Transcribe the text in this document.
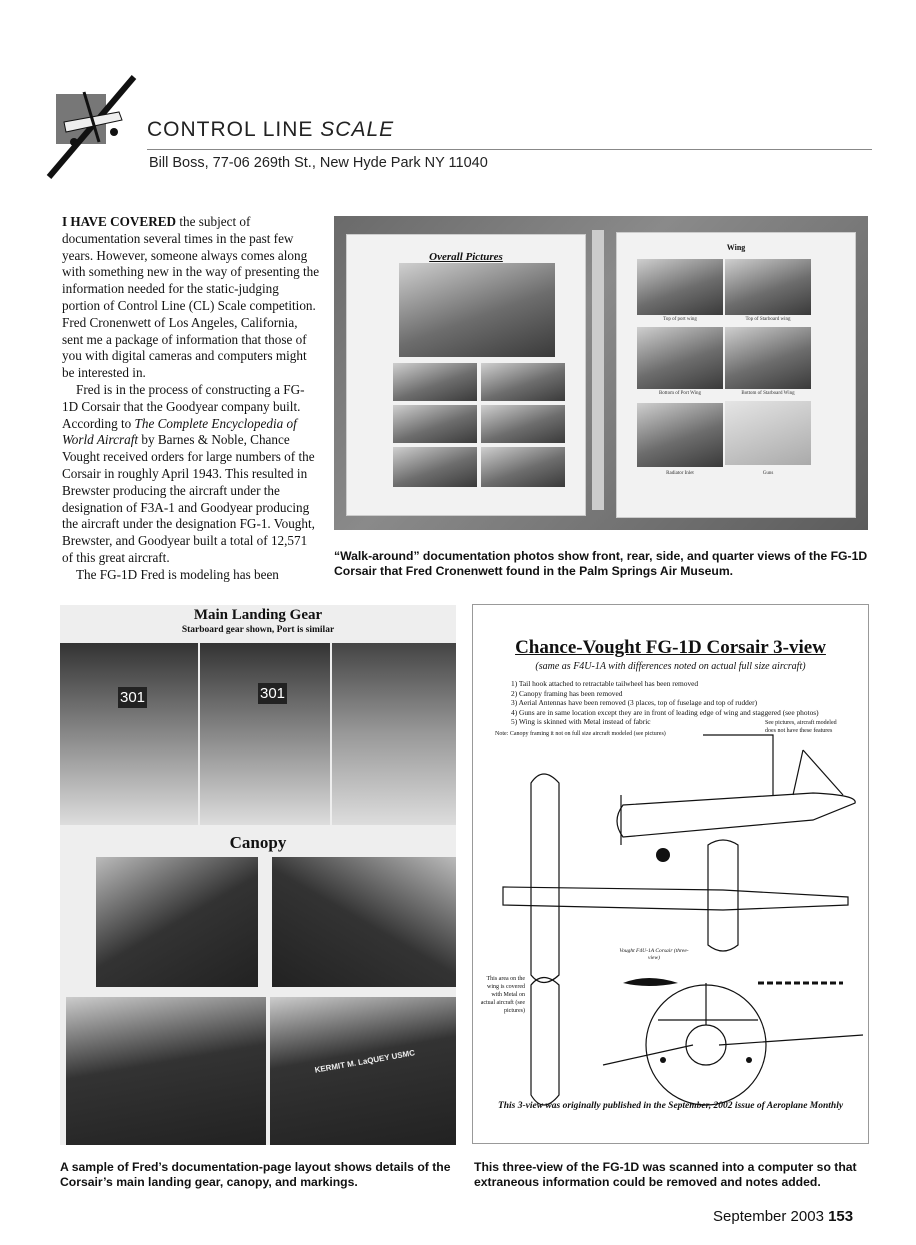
CONTROL LINE SCALE
Bill Boss, 77-06 269th St., New Hyde Park NY 11040

I HAVE COVERED the subject of documentation several times in the past few years. However, someone always comes along with something new in the way of presenting the information needed for the static-judging portion of Control Line (CL) Scale competition. Fred Cronenwett of Los Angeles, California, sent me a package of information that those of you with digital cameras and computers might be interested in.

Fred is in the process of constructing a FG-1D Corsair that the Goodyear company built. According to The Complete Encyclopedia of World Aircraft by Barnes & Noble, Chance Vought received orders for large numbers of the Corsair in roughly April 1943. This resulted in Brewster producing the aircraft under the designation of F3A-1 and Goodyear producing the aircraft under the designation FG-1. Vought, Brewster, and Goodyear built a total of 12,571 of this great aircraft.

The FG-1D Fred is modeling has been

Overall Pictures
Wing
Top of port wing	Top of Starboard wing
Bottom of Port Wing	Bottom of Starboard Wing
Radiator Inlet	Guns
“Walk-around” documentation photos show front, rear, side, and quarter views of the FG-1D Corsair that Fred Cronenwett found in the Palm Springs Air Museum.
Main Landing Gear
Starboard gear shown, Port is similar
301	301
Canopy
KERMIT M. LaQUEY USMC
A sample of Fred’s documentation-page layout shows details of the Corsair’s main landing gear, canopy, and markings.
Chance-Vought FG-1D Corsair 3-view
(same as F4U-1A with differences noted on actual full size aircraft)
1) Tail hook attached to retractable tailwheel has been removed
2) Canopy framing has been removed
3) Aerial Antennas have been removed (3 places, top of fuselage and top of rudder)
4) Guns are in same location except they are in front of leading edge of wing and staggered (see photos)
5) Wing is skinned with Metal instead of fabric
Note: Canopy framing it not on full size aircraft modeled (see pictures)
See pictures, aircraft modeled does not have these features
Vought F4U-1A Corsair (three-view)
This area on the wing is covered with Metal on actual aircraft (see pictures)
This 3-view was originally published in the September, 2002 issue of Aeroplane Monthly
This three-view of the FG-1D was scanned into a computer so that extraneous information could be removed and notes added.
September 2003 153
